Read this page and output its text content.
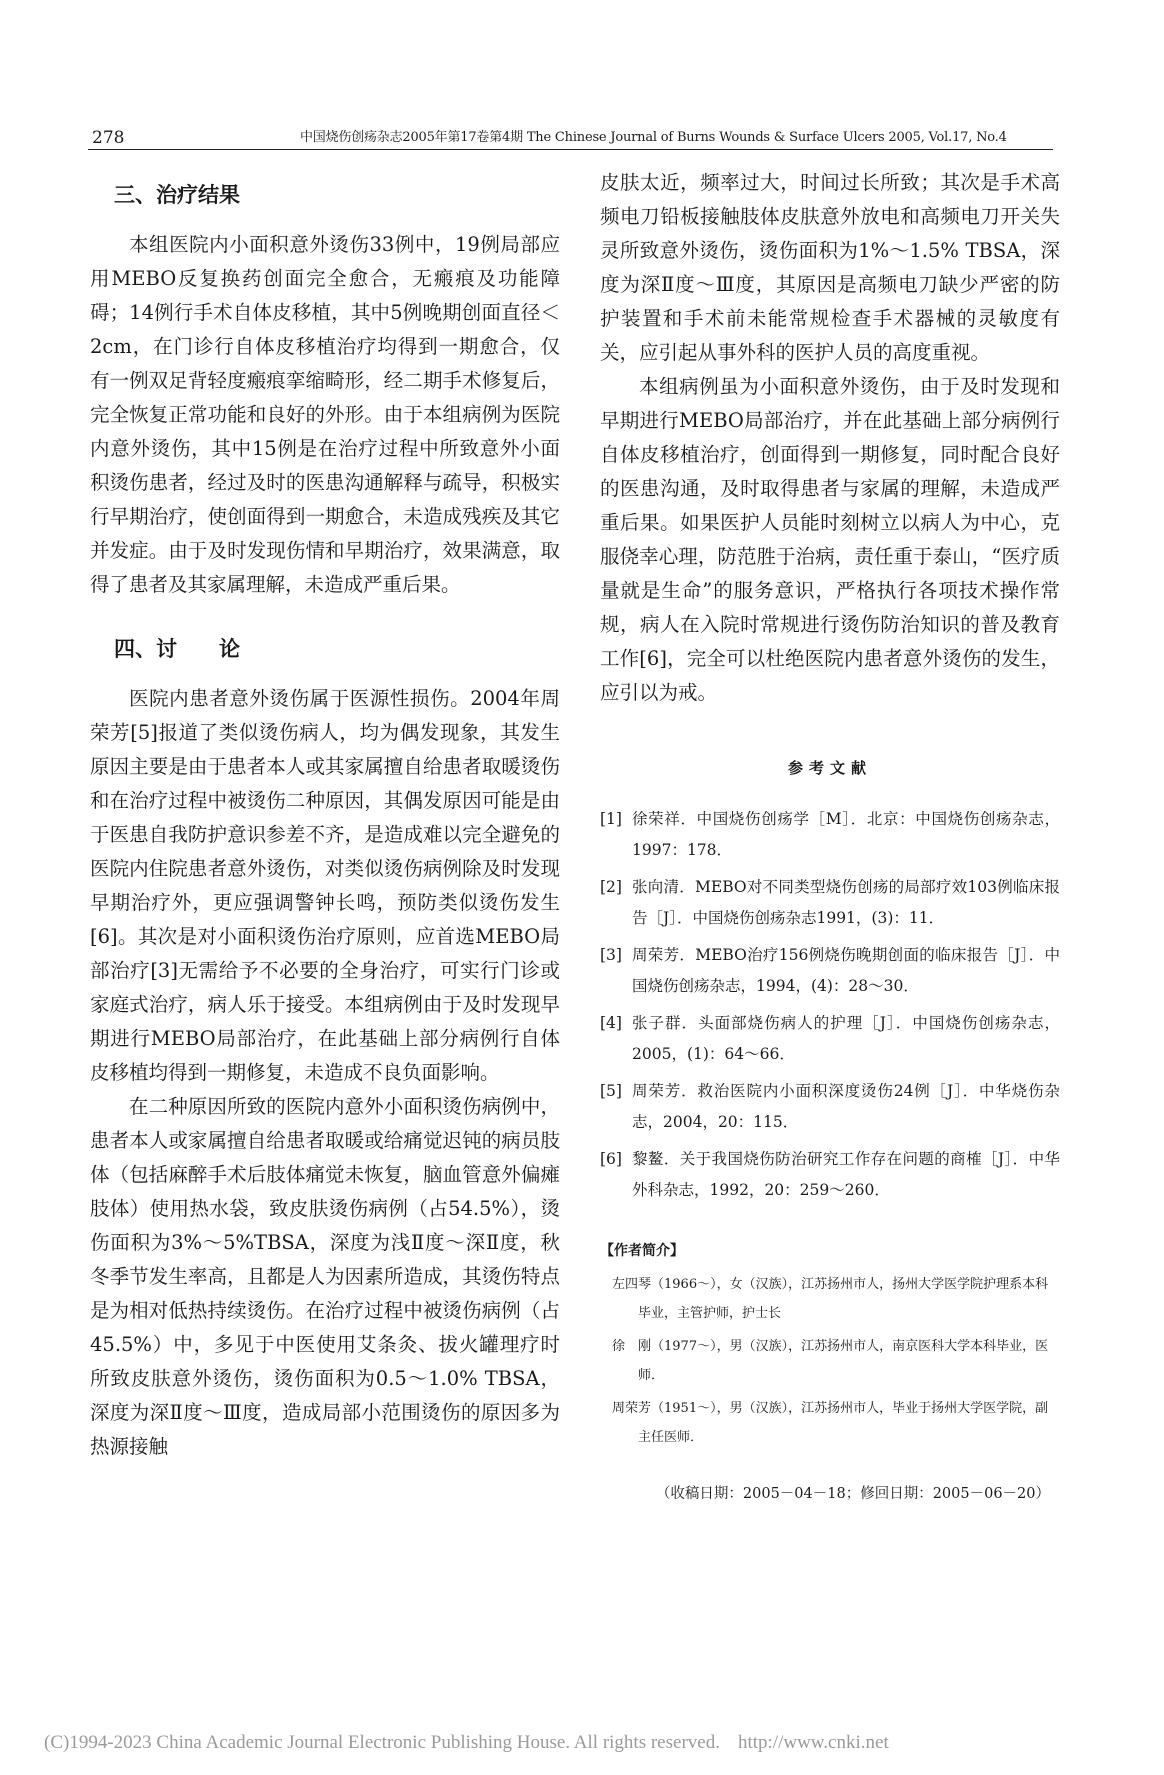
278	中国烧伤创疡杂志2005年第17卷第4期 The Chinese Journal of Burns Wounds & Surface Ulcers 2005, Vol.17, No.4
三、治疗结果

本组医院内小面积意外烫伤33例中，19例局部应用MEBO反复换药创面完全愈合，无瘢痕及功能障碍；14例行手术自体皮移植，其中5例晚期创面直径＜2cm，在门诊行自体皮移植治疗均得到一期愈合，仅有一例双足背轻度瘢痕挛缩畸形，经二期手术修复后，完全恢复正常功能和良好的外形。由于本组病例为医院内意外烫伤，其中15例是在治疗过程中所致意外小面积烫伤患者，经过及时的医患沟通解释与疏导，积极实行早期治疗，使创面得到一期愈合，未造成残疾及其它并发症。由于及时发现伤情和早期治疗，效果满意，取得了患者及其家属理解，未造成严重后果。

四、讨　　论

医院内患者意外烫伤属于医源性损伤。2004年周荣芳[5]报道了类似烫伤病人，均为偶发现象，其发生原因主要是由于患者本人或其家属擅自给患者取暖烫伤和在治疗过程中被烫伤二种原因，其偶发原因可能是由于医患自我防护意识参差不齐，是造成难以完全避免的医院内住院患者意外烫伤，对类似烫伤病例除及时发现早期治疗外，更应强调警钟长鸣，预防类似烫伤发生[6]。其次是对小面积烫伤治疗原则，应首选MEBO局部治疗[3]无需给予不必要的全身治疗，可实行门诊或家庭式治疗，病人乐于接受。本组病例由于及时发现早期进行MEBO局部治疗，在此基础上部分病例行自体皮移植均得到一期修复，未造成不良负面影响。

在二种原因所致的医院内意外小面积烫伤病例中，患者本人或家属擅自给患者取暖或给痛觉迟钝的病员肢体（包括麻醉手术后肢体痛觉未恢复，脑血管意外偏瘫肢体）使用热水袋，致皮肤烫伤病例（占54.5%），烫伤面积为3%～5%TBSA，深度为浅Ⅱ度～深Ⅱ度，秋冬季节发生率高，且都是人为因素所造成，其烫伤特点是为相对低热持续烫伤。在治疗过程中被烫伤病例（占45.5%）中，多见于中医使用艾条灸、拔火罐理疗时所致皮肤意外烫伤，烫伤面积为0.5～1.0% TBSA，深度为深Ⅱ度～Ⅲ度，造成局部小范围烫伤的原因多为热源接触

皮肤太近，频率过大，时间过长所致；其次是手术高频电刀铅板接触肢体皮肤意外放电和高频电刀开关失灵所致意外烫伤，烫伤面积为1%～1.5% TBSA，深度为深Ⅱ度～Ⅲ度，其原因是高频电刀缺少严密的防护装置和手术前未能常规检查手术器械的灵敏度有关，应引起从事外科的医护人员的高度重视。

本组病例虽为小面积意外烫伤，由于及时发现和早期进行MEBO局部治疗，并在此基础上部分病例行自体皮移植治疗，创面得到一期修复，同时配合良好的医患沟通，及时取得患者与家属的理解，未造成严重后果。如果医护人员能时刻树立以病人为中心，克服侥幸心理，防范胜于治病，责任重于泰山，“医疗质量就是生命”的服务意识，严格执行各项技术操作常规，病人在入院时常规进行烫伤防治知识的普及教育工作[6]，完全可以杜绝医院内患者意外烫伤的发生，应引以为戒。

参考文献
[1] 徐荣祥．中国烧伤创疡学［M］．北京：中国烧伤创疡杂志，1997：178．
[2] 张向清．MEBO对不同类型烧伤创疡的局部疗效103例临床报告［J］．中国烧伤创疡杂志1991，(3)：11．
[3] 周荣芳．MEBO治疗156例烧伤晚期创面的临床报告［J］．中国烧伤创疡杂志，1994，(4)：28～30．
[4] 张子群．头面部烧伤病人的护理［J］．中国烧伤创疡杂志，2005，(1)：64～66．
[5] 周荣芳．救治医院内小面积深度烫伤24例［J］．中华烧伤杂志，2004，20：115．
[6] 黎鳌．关于我国烧伤防治研究工作存在问题的商榷［J］．中华外科杂志，1992，20：259～260．
【作者简介】
左四琴（1966～），女（汉族），江苏扬州市人，扬州大学医学院护理系本科毕业，主管护师，护士长
徐　刚（1977～），男（汉族），江苏扬州市人，南京医科大学本科毕业，医师．
周荣芳（1951～），男（汉族），江苏扬州市人，毕业于扬州大学医学院，副主任医师．
（收稿日期：2005－04－18；修回日期：2005－06－20）
(C)1994-2023 China Academic Journal Electronic Publishing House. All rights reserved. http://www.cnki.net
